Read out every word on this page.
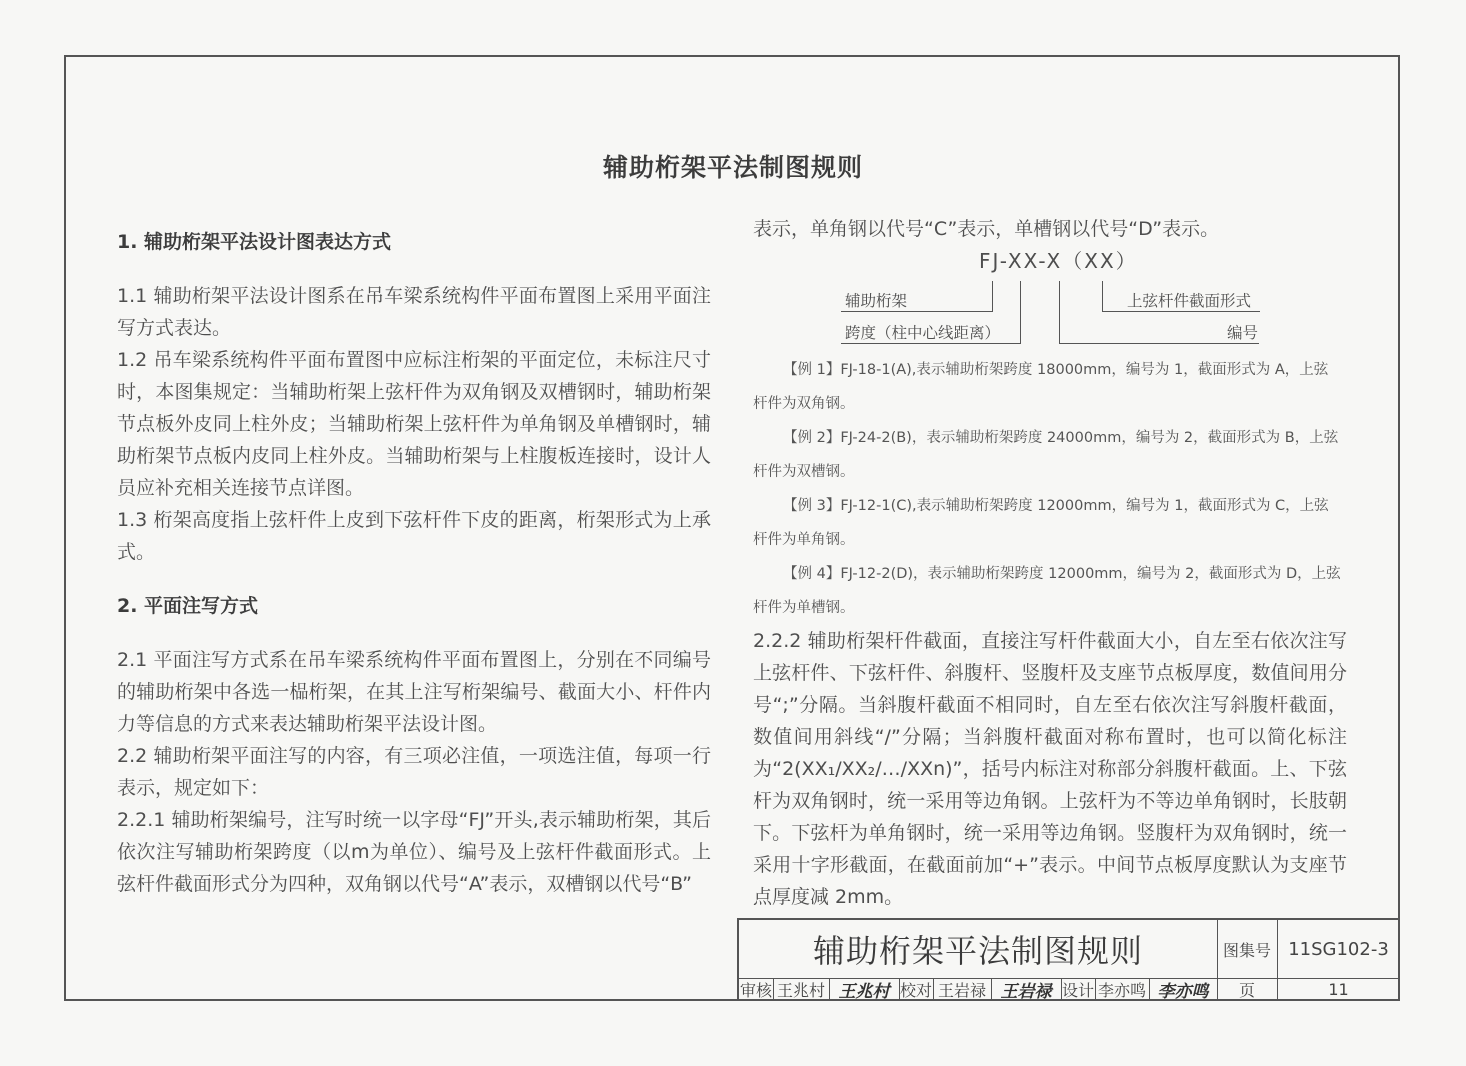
辅助桁架平法制图规则
1. 辅助桁架平法设计图表达方式

1.1 辅助桁架平法设计图系在吊车梁系统构件平面布置图上采用平面注写方式表达。

1.2 吊车梁系统构件平面布置图中应标注桁架的平面定位，未标注尺寸时，本图集规定：当辅助桁架上弦杆件为双角钢及双槽钢时，辅助桁架节点板外皮同上柱外皮；当辅助桁架上弦杆件为单角钢及单槽钢时，辅助桁架节点板内皮同上柱外皮。当辅助桁架与上柱腹板连接时，设计人员应补充相关连接节点详图。

1.3 桁架高度指上弦杆件上皮到下弦杆件下皮的距离，桁架形式为上承式。

2. 平面注写方式

2.1 平面注写方式系在吊车梁系统构件平面布置图上，分别在不同编号的辅助桁架中各选一榀桁架，在其上注写桁架编号、截面大小、杆件内力等信息的方式来表达辅助桁架平法设计图。

2.2 辅助桁架平面注写的内容，有三项必注值，一项选注值，每项一行表示，规定如下：

2.2.1 辅助桁架编号，注写时统一以字母“FJ”开头,表示辅助桁架，其后依次注写辅助桁架跨度（以m为单位）、编号及上弦杆件截面形式。上弦杆件截面形式分为四种，双角钢以代号“A”表示，双槽钢以代号“B”

表示，单角钢以代号“C”表示，单槽钢以代号“D”表示。

FJ-XX-X（XX）
辅助桁架
跨度（柱中心线距离）
上弦杆件截面形式
编号

【例 1】FJ-18-1(A),表示辅助桁架跨度 18000mm，编号为 1，截面形式为 A，上弦
杆件为双角钢。

【例 2】FJ-24-2(B)，表示辅助桁架跨度 24000mm，编号为 2，截面形式为 B，上弦
杆件为双槽钢。

【例 3】FJ-12-1(C),表示辅助桁架跨度 12000mm，编号为 1，截面形式为 C，上弦
杆件为单角钢。

【例 4】FJ-12-2(D)，表示辅助桁架跨度 12000mm，编号为 2，截面形式为 D，上弦
杆件为单槽钢。

2.2.2 辅助桁架杆件截面，直接注写杆件截面大小，自左至右依次注写上弦杆件、下弦杆件、斜腹杆、竖腹杆及支座节点板厚度，数值间用分号“;”分隔。当斜腹杆截面不相同时，自左至右依次注写斜腹杆截面，数值间用斜线“/”分隔；当斜腹杆截面对称布置时，也可以简化标注为“2(XX₁/XX₂/…/XXn)”，括号内标注对称部分斜腹杆截面。上、下弦杆为双角钢时，统一采用等边角钢。上弦杆为不等边单角钢时，长肢朝下。下弦杆为单角钢时，统一采用等边角钢。竖腹杆为双角钢时，统一采用十字形截面，在截面前加“+”表示。中间节点板厚度默认为支座节点厚度减 2mm。

辅助桁架平法制图规则	图集号 11SG102-3
审核 王兆村 王兆村 校对 王岩禄 王岩禄 设计 李亦鸣 李亦鸣	页	11
